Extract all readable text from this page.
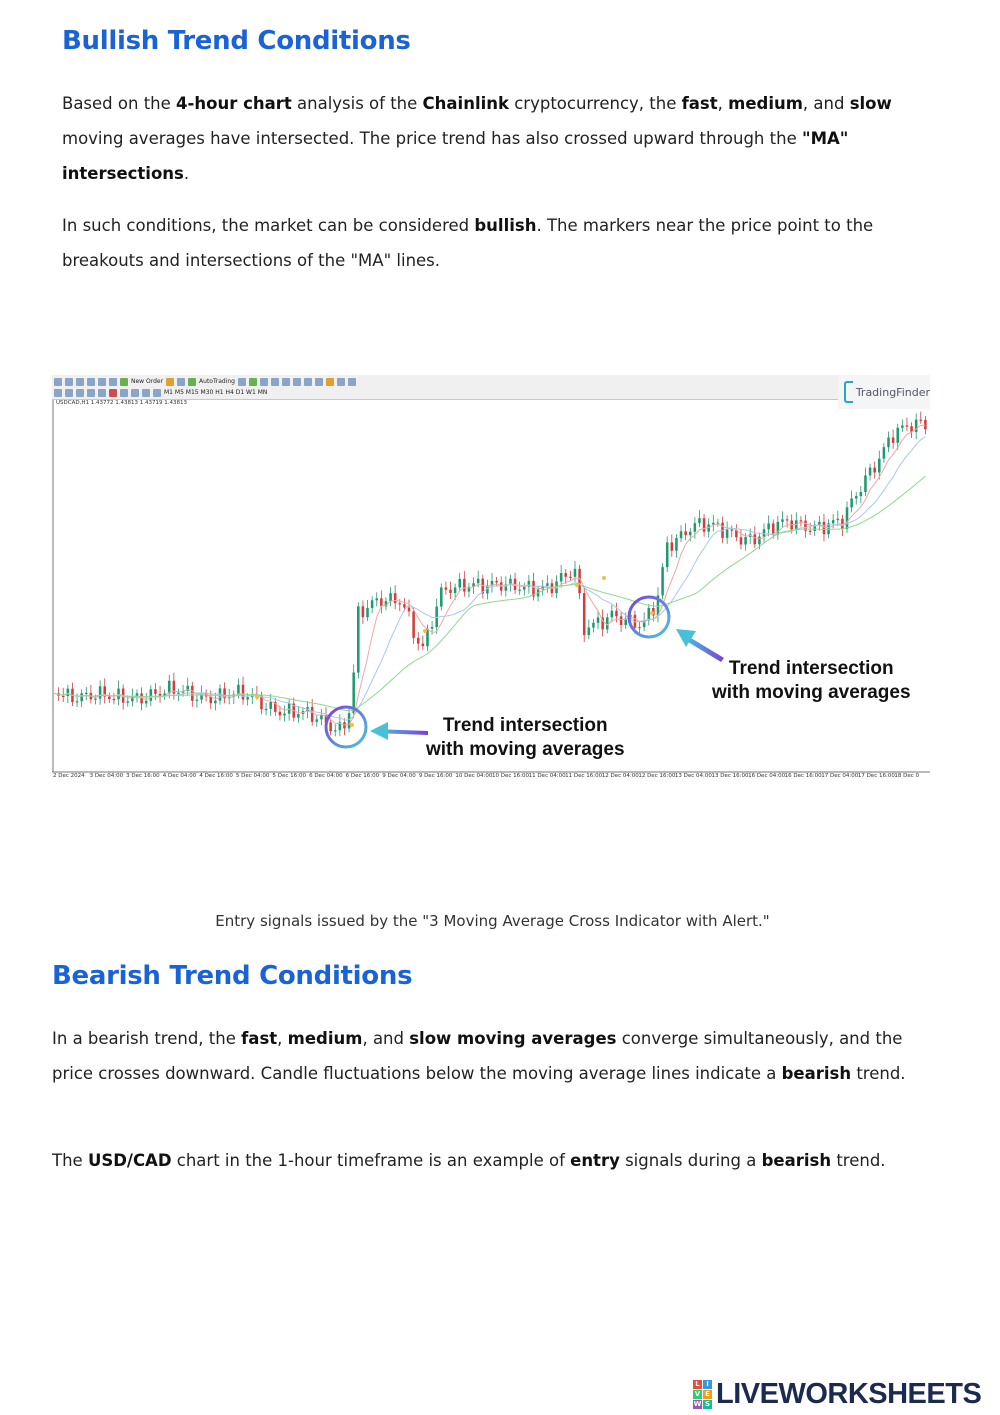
Bullish Trend Conditions

Based on the 4-hour chart analysis of the Chainlink cryptocurrency, the fast, medium, and slow moving averages have intersected. The price trend has also crossed upward through the "MA" intersections.

In such conditions, the market can be considered bullish. The markers near the price point to the breakouts and intersections of the "MA" lines.

New Order	AutoTrading
M1 M5 M15 M30 H1 H4 D1 W1 MN
USDCAD,H1 1.43772 1.43813 1.43719 1.43813
TradingFinder
Trend intersection
with moving averages
Trend intersection
with moving averages
2 Dec 2024 3 Dec 04:00 3 Dec 16:00 4 Dec 04:00 4 Dec 16:00 5 Dec 04:00 5 Dec 16:00 6 Dec 04:00 6 Dec 16:00 9 Dec 04:00 9 Dec 16:00 10 Dec 04:00 10 Dec 16:00 11 Dec 04:00 11 Dec 16:00 12 Dec 04:00 12 Dec 16:00 13 Dec 04:00 13 Dec 16:00 16 Dec 04:00 16 Dec 16:00 17 Dec 04:00 17 Dec 16:00 18 Dec 0

Entry signals issued by the "3 Moving Average Cross Indicator with Alert."

Bearish Trend Conditions

In a bearish trend, the fast, medium, and slow moving averages converge simultaneously, and the price crosses downward. Candle fluctuations below the moving average lines indicate a bearish trend.

The USD/CAD chart in the 1-hour timeframe is an example of entry signals during a bearish trend.

L I
V E
W S LIVEWORKSHEETS
